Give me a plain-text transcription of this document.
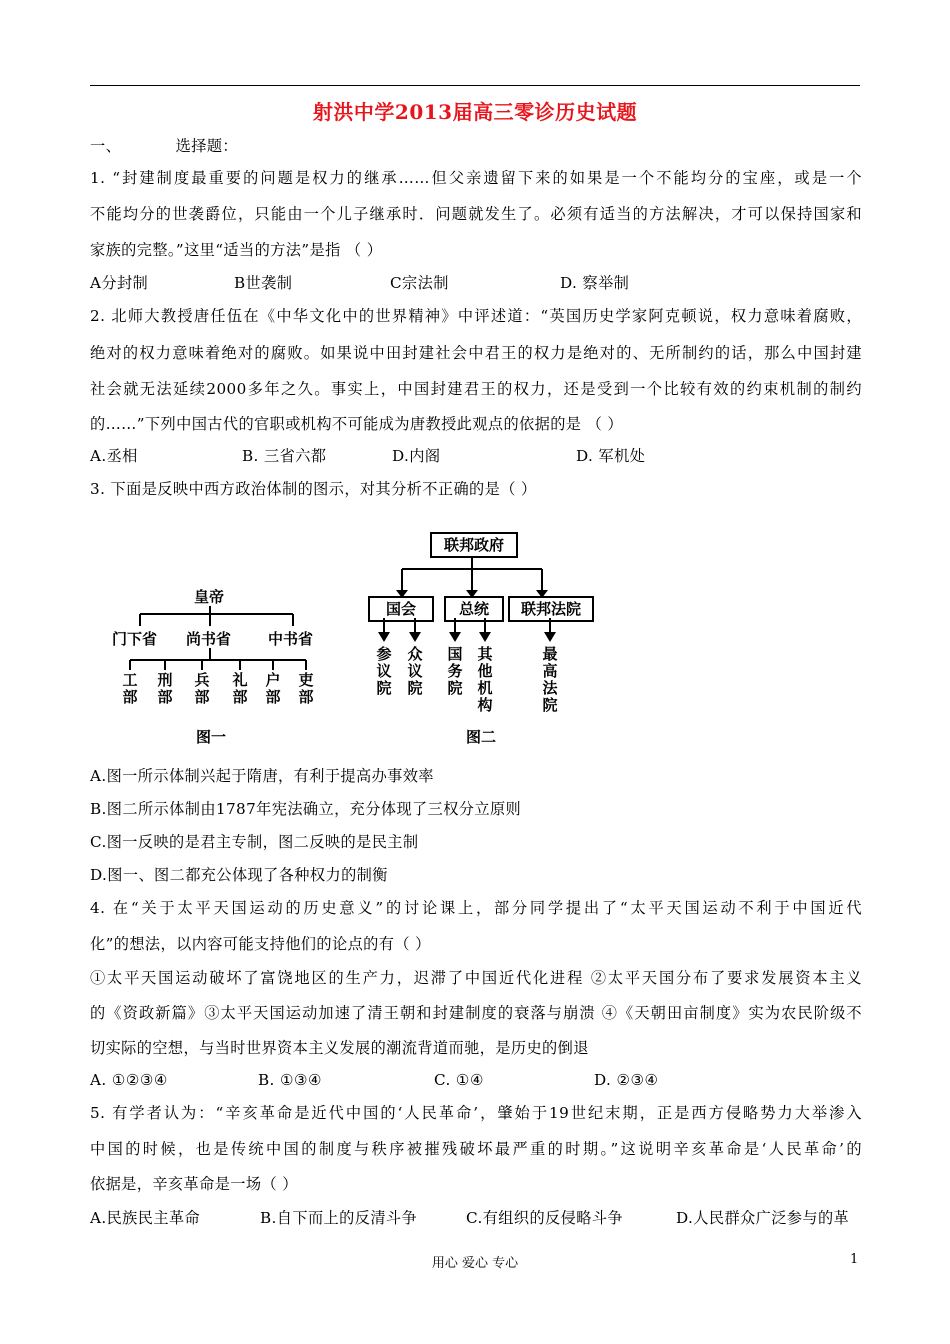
射洪中学2013届高三零诊历史试题
一、	选择题：
1. “封建制度最重要的问题是权力的继承……但父亲遗留下来的如果是一个不能均分的宝座，或是一个
不能均分的世袭爵位，只能由一个儿子继承时．问题就发生了。必须有适当的方法解决，才可以保持国家和
家族的完整。”这里“适当的方法”是指 （ ）
A分封制	B世袭制	C宗法制	D. 察举制
2. 北师大教授唐任伍在《中华文化中的世界精神》中评述道：“英国历史学家阿克顿说，权力意味着腐败，
绝对的权力意味着绝对的腐败。如果说中田封建社会中君王的权力是绝对的、无所制约的话，那么中国封建
社会就无法延续2000多年之久。事实上，中国封建君王的权力，还是受到一个比较有效的约束机制的制约
的……”下列中国古代的官职或机构不可能成为唐教授此观点的依据的是 （ ）
A.丞相	B. 三省六都	D.内阁	D. 军机处
3. 下面是反映中西方政治体制的图示，对其分析不正确的是（ ）
皇帝
门下省 尚书省 中书省
工部
刑部
兵部
礼部
户部
吏部
图一
联邦政府
国会	总统	联邦法院
参议院
众议院
国务院
其他机构
最高法院
图二
A.图一所示体制兴起于隋唐，有利于提高办事效率
B.图二所示体制由1787年宪法确立，充分体现了三权分立原则
C.图一反映的是君主专制，图二反映的是民主制
D.图一、图二都充公体现了各种权力的制衡
4. 在“关于太平天国运动的历史意义”的讨论课上，部分同学提出了“太平天国运动不利于中国近代
化”的想法，以内容可能支持他们的论点的有（ ）
①太平天国运动破坏了富饶地区的生产力，迟滞了中国近代化进程 ②太平天国分布了要求发展资本主义
的《资政新篇》③太平天国运动加速了清王朝和封建制度的衰落与崩溃 ④《天朝田亩制度》实为农民阶级不
切实际的空想，与当时世界资本主义发展的潮流背道而驰，是历史的倒退
A. ①②③④	B. ①③④	C. ①④	D. ②③④
5. 有学者认为：“辛亥革命是近代中国的‘人民革命’，肇始于19世纪末期，正是西方侵略势力大举渗入
中国的时候，也是传统中国的制度与秩序被摧残破坏最严重的时期。”这说明辛亥革命是‘人民革命’的
依据是，辛亥革命是一场（ ）
A.民族民主革命	B.自下而上的反清斗争	C.有组织的反侵略斗争	D.人民群众广泛参与的革
用心 爱心 专心	1
